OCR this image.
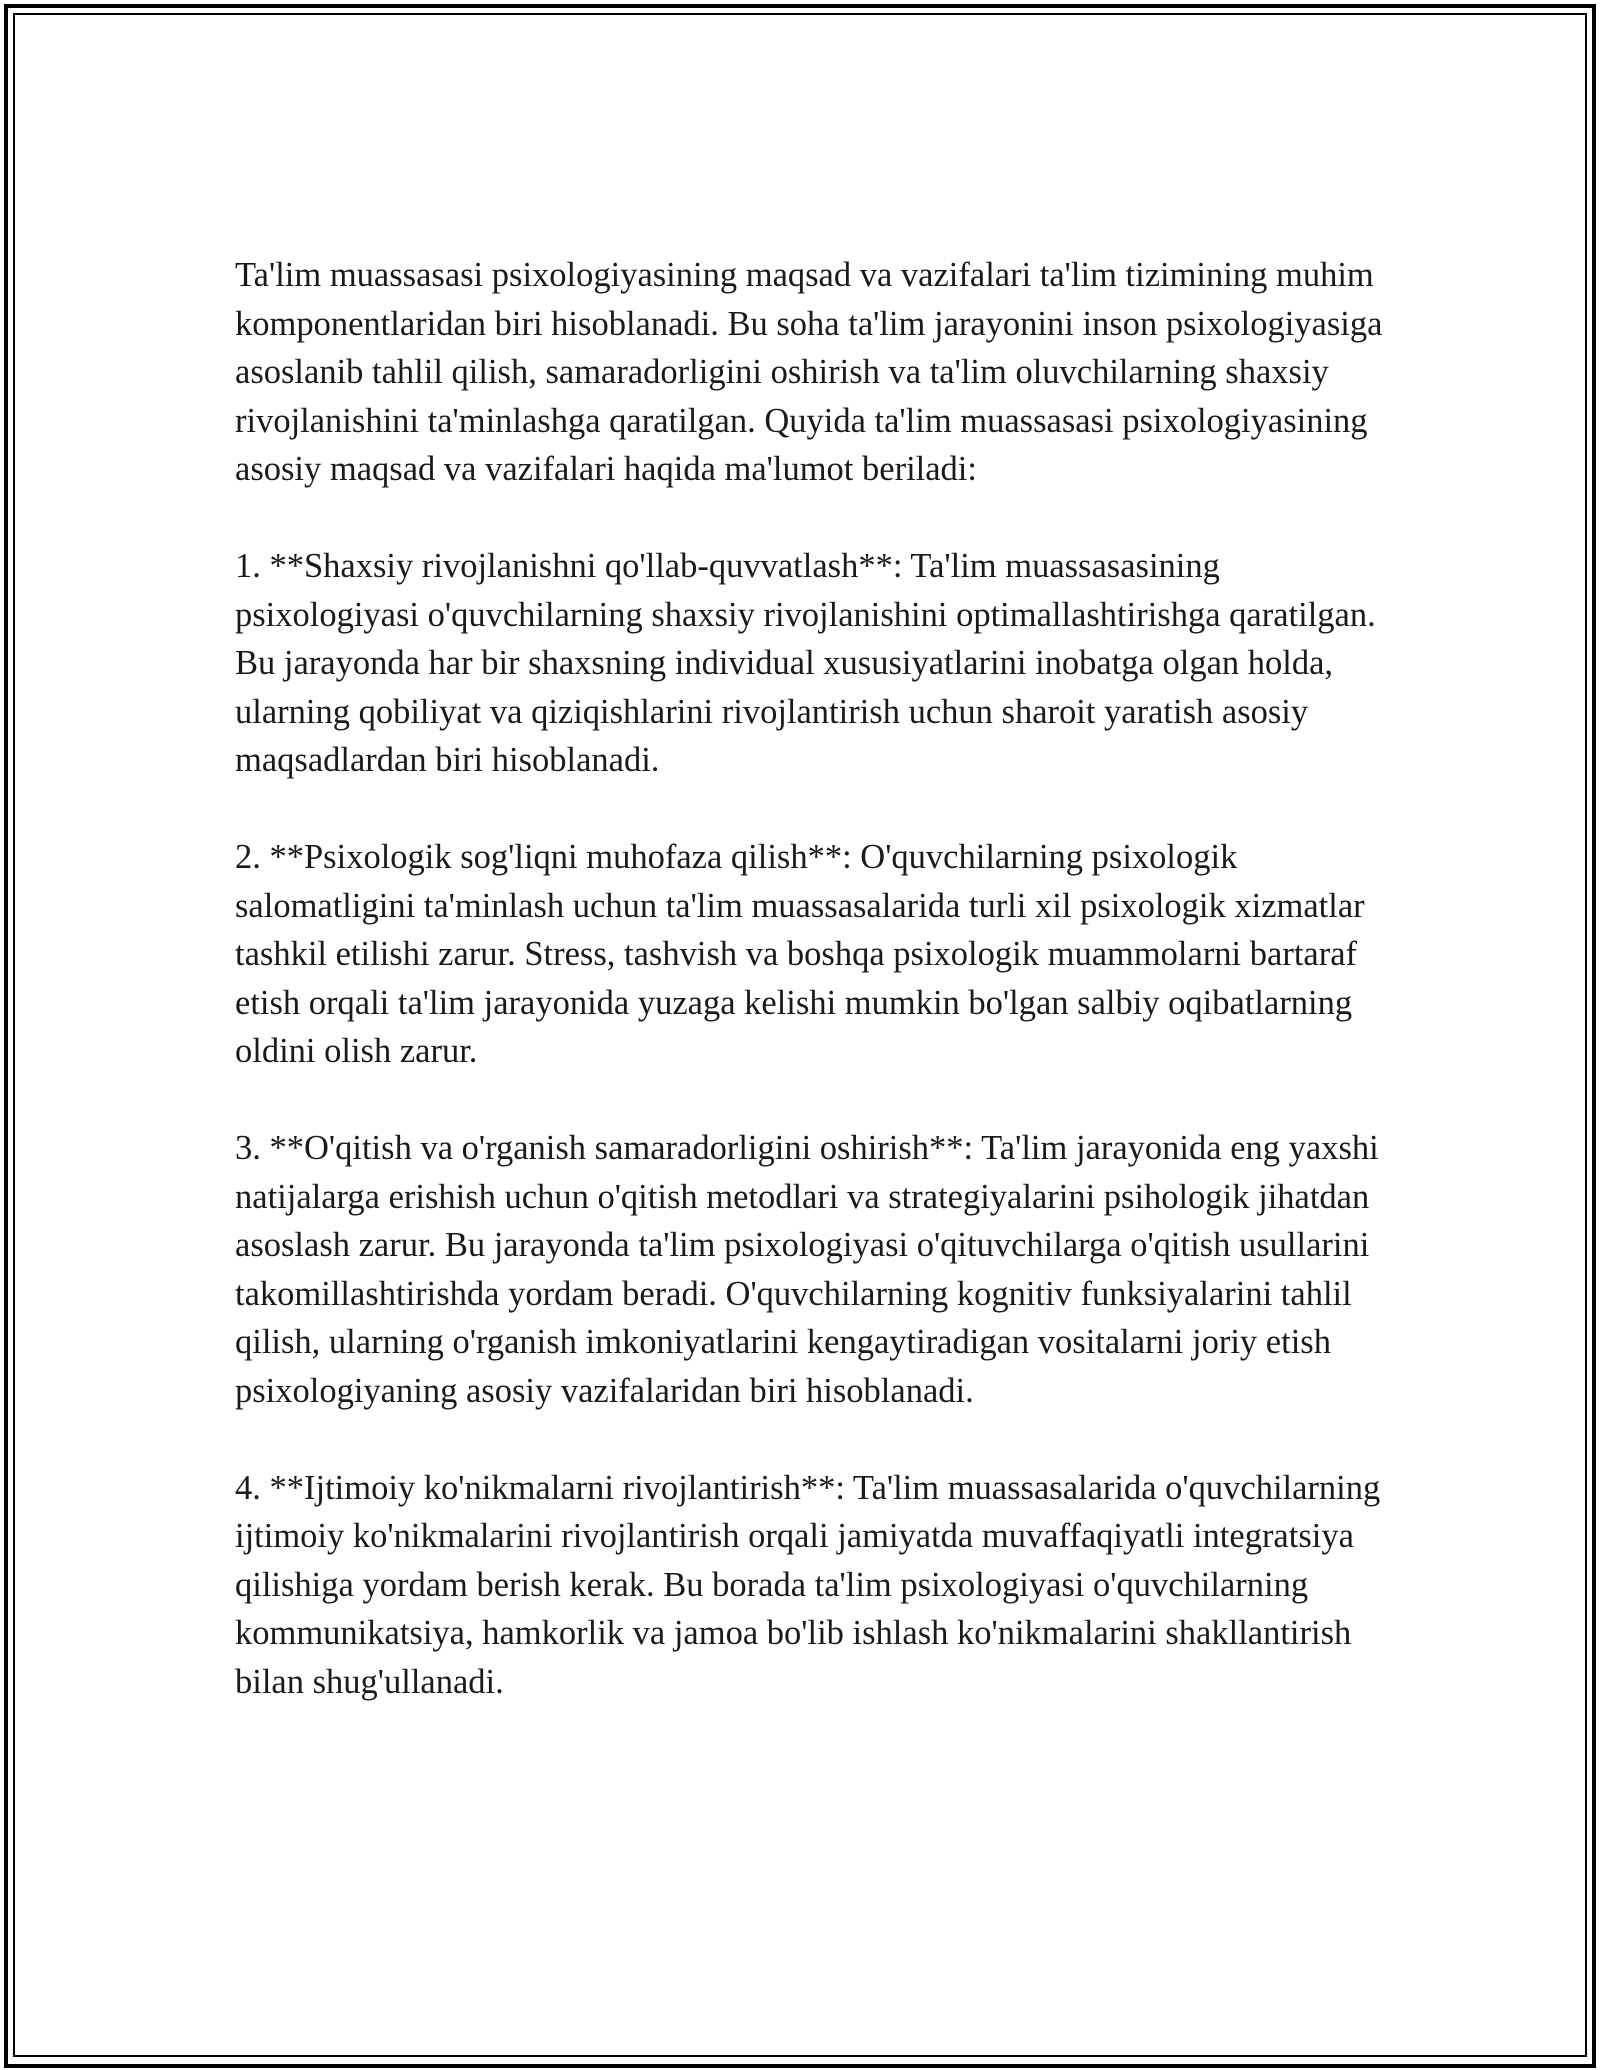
Ta'lim muassasasi psixologiyasining maqsad va vazifalari ta'lim tizimining muhim komponentlaridan biri hisoblanadi. Bu soha ta'lim jarayonini inson psixologiyasiga asoslanib tahlil qilish, samaradorligini oshirish va ta'lim oluvchilarning shaxsiy rivojlanishini ta'minlashga qaratilgan. Quyida ta'lim muassasasi psixologiyasining asosiy maqsad va vazifalari haqida ma'lumot beriladi:

1. **Shaxsiy rivojlanishni qo'llab-quvvatlash**: Ta'lim muassasasining psixologiyasi o'quvchilarning shaxsiy rivojlanishini optimallashtirishga qaratilgan. Bu jarayonda har bir shaxsning individual xususiyatlarini inobatga olgan holda, ularning qobiliyat va qiziqishlarini rivojlantirish uchun sharoit yaratish asosiy maqsadlardan biri hisoblanadi.

2. **Psixologik sog'liqni muhofaza qilish**: O'quvchilarning psixologik salomatligini ta'minlash uchun ta'lim muassasalarida turli xil psixologik xizmatlar tashkil etilishi zarur. Stress, tashvish va boshqa psixologik muammolarni bartaraf etish orqali ta'lim jarayonida yuzaga kelishi mumkin bo'lgan salbiy oqibatlarning oldini olish zarur.

3. **O'qitish va o'rganish samaradorligini oshirish**: Ta'lim jarayonida eng yaxshi natijalarga erishish uchun o'qitish metodlari va strategiyalarini psihologik jihatdan asoslash zarur. Bu jarayonda ta'lim psixologiyasi o'qituvchilarga o'qitish usullarini takomillashtirishda yordam beradi. O'quvchilarning kognitiv funksiyalarini tahlil qilish, ularning o'rganish imkoniyatlarini kengaytiradigan vositalarni joriy etish psixologiyaning asosiy vazifalaridan biri hisoblanadi.

4. **Ijtimoiy ko'nikmalarni rivojlantirish**: Ta'lim muassasalarida o'quvchilarning ijtimoiy ko'nikmalarini rivojlantirish orqali jamiyatda muvaffaqiyatli integratsiya qilishiga yordam berish kerak. Bu borada ta'lim psixologiyasi o'quvchilarning kommunikatsiya, hamkorlik va jamoa bo'lib ishlash ko'nikmalarini shakllantirish bilan shug'ullanadi.
